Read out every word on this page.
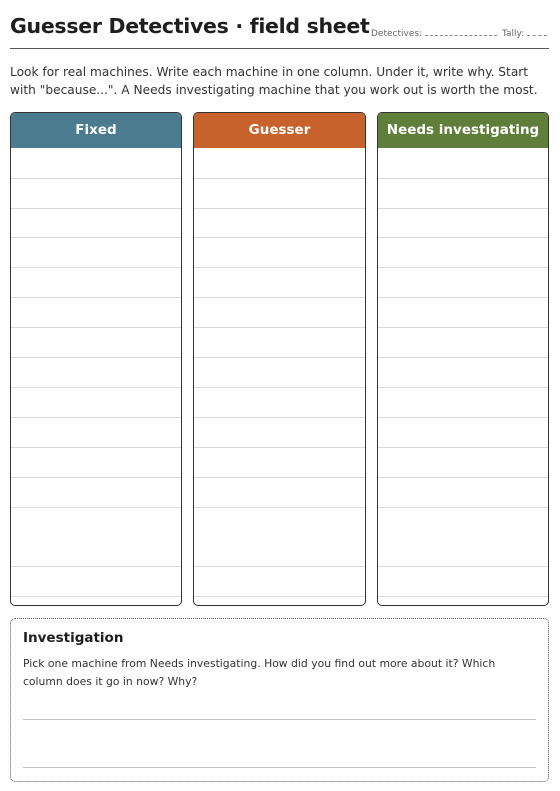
Guesser Detectives · field sheet Detectives:	Tally:
Look for real machines. Write each machine in one column. Under it, write why. Start with "because...". A Needs investigating machine that you work out is worth the most.
Fixed	Guesser	Needs investigating
Investigation
Pick one machine from Needs investigating. How did you find out more about it? Which column does it go in now? Why?
